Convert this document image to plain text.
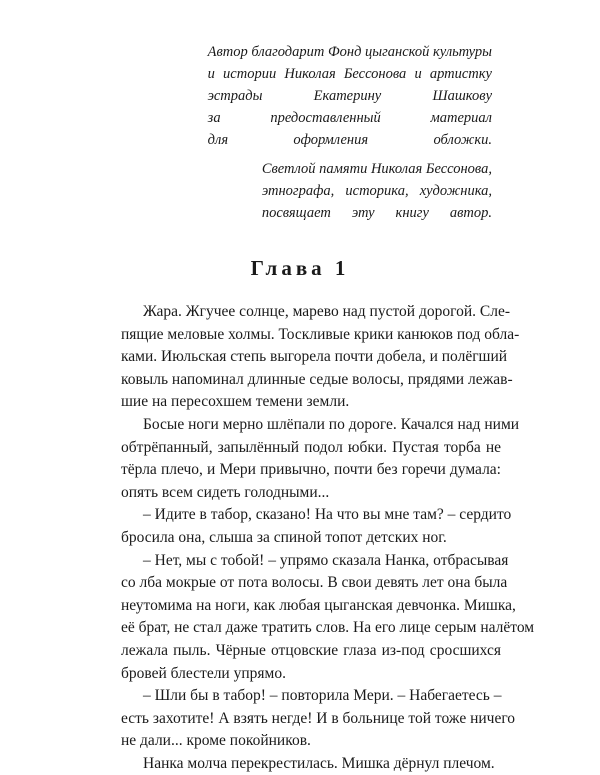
Автор благодарит Фонд цыганской культуры
и истории Николая Бессонова и артистку
эстрады Екатерину Шашкову
за предоставленный материал
для оформления обложки.
Светлой памяти Николая Бессонова,
этнографа, историка, художника,
посвящает эту книгу автор.
Глава 1

Жара. Жгучее солнце, марево над пустой дорогой. Сле-
пящие меловые холмы. Тоскливые крики канюков под обла-
ками. Июльская степь выгорела почти добела, и полёгший
ковыль напоминал длинные седые волосы, прядями лежав-
шие на пересохшем темени земли.

Босые ноги мерно шлёпали по дороге. Качался над ними
обтрёпанный, запылённый подол юбки. Пустая торба не
тёрла плечо, и Мери привычно, почти без горечи думала:
опять всем сидеть голодными...

– Идите в табор, сказано! На что вы мне там? – сердито
бросила она, слыша за спиной топот детских ног.

– Нет, мы с тобой! – упрямо сказала Нанка, отбрасывая
со лба мокрые от пота волосы. В свои девять лет она была
неутомима на ноги, как любая цыганская девчонка. Мишка,
её брат, не стал даже тратить слов. На его лице серым налётом
лежала пыль. Чёрные отцовские глаза из-под сросшихся
бровей блестели упрямо.

– Шли бы в табор! – повторила Мери. – Набегаетесь –
есть захотите! А взять негде! И в больнице той тоже ничего
не дали... кроме покойников.

Нанка молча перекрестилась. Мишка дёрнул плечом.
